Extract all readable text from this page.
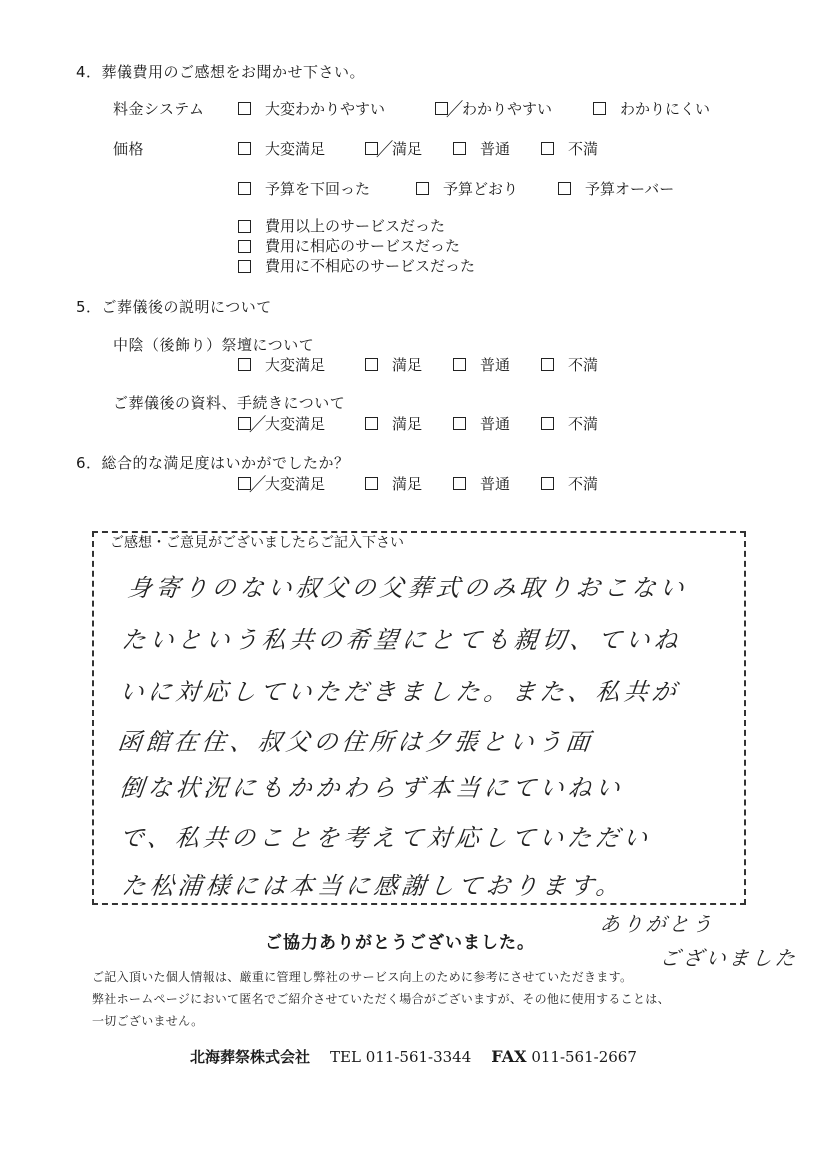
4．葬儀費用のご感想をお聞かせ下さい。
料金システム	大変わかりやすい	わかりやすい	わかりにくい
価格	大変満足	満足	普通	不満
予算を下回った	予算どおり	予算オーバー
費用以上のサービスだった
費用に相応のサービスだった
費用に不相応のサービスだった
5．ご葬儀後の説明について
中陰（後飾り）祭壇について
大変満足	満足	普通	不満
ご葬儀後の資料、手続きについて
大変満足	満足	普通	不満
6．総合的な満足度はいかがでしたか？
大変満足	満足	普通	不満
ご感想・ご意見がございましたらご記入下さい
身寄りのない叔父の父葬式のみ取りおこない
たいという私共の希望にとても親切、ていね
いに対応していただきました。また、私共が
函館在住、叔父の住所は夕張という面
倒な状況にもかかわらず本当にていねい
で、私共のことを考えて対応していただい
た松浦様には本当に感謝しております。
ご協力ありがとうございました。
ありがとう
ございました
ご記入頂いた個人情報は、厳重に管理し弊社のサービス向上のために参考にさせていただきます。
弊社ホームページにおいて匿名でご紹介させていただく場合がございますが、その他に使用することは、
一切ございません。
北海葬祭株式会社 TEL 011-561-3344 FAX 011-561-2667
